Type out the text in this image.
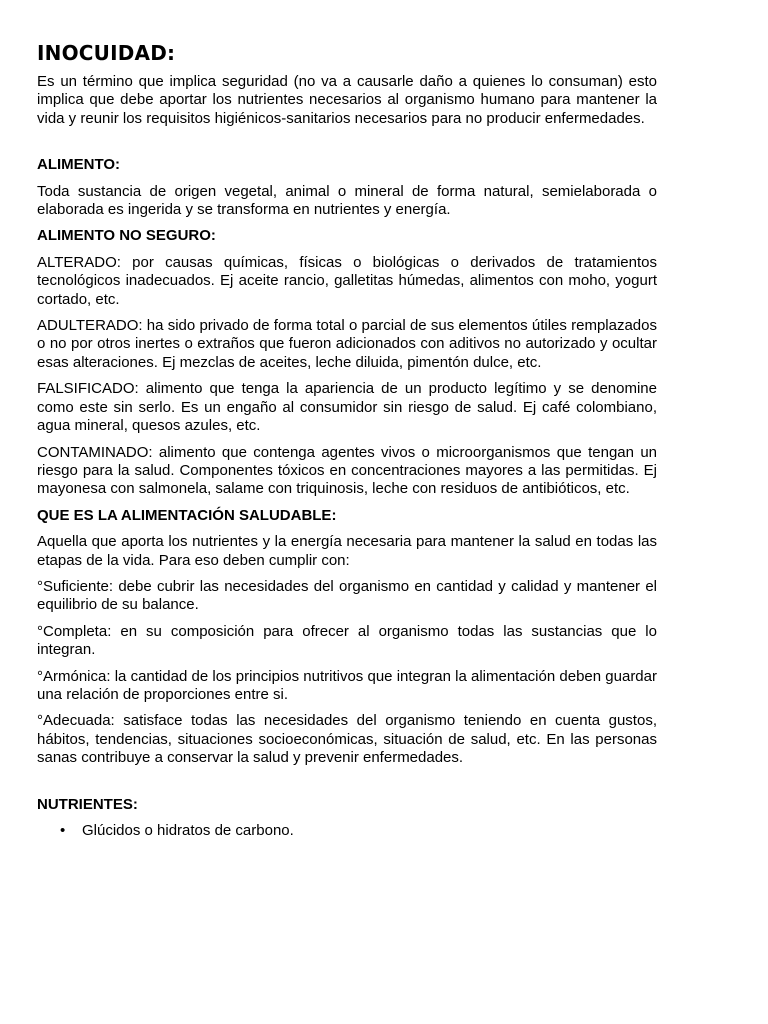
INOCUIDAD:

Es un término que implica seguridad (no va a causarle daño a quienes lo consuman) esto implica que debe aportar los nutrientes necesarios al organismo humano para mantener la vida y reunir los requisitos higiénicos-sanitarios necesarios para no producir enfermedades.

ALIMENTO:

Toda sustancia de origen vegetal, animal o mineral de forma natural, semielaborada o elaborada es ingerida y se transforma en nutrientes y energía.

ALIMENTO NO SEGURO:

ALTERADO: por causas químicas, físicas o biológicas o derivados de tratamientos tecnológicos inadecuados. Ej aceite rancio, galletitas húmedas, alimentos con moho, yogurt cortado, etc.

ADULTERADO: ha sido privado de forma total o parcial de sus elementos útiles remplazados o no por otros inertes o extraños que fueron adicionados con aditivos no autorizado y ocultar esas alteraciones. Ej mezclas de aceites, leche diluida, pimentón dulce, etc.

FALSIFICADO: alimento que tenga la apariencia de un producto legítimo y se denomine como este sin serlo. Es un engaño al consumidor sin riesgo de salud. Ej café colombiano, agua mineral, quesos azules, etc.

CONTAMINADO: alimento que contenga agentes vivos o microorganismos que tengan un riesgo para la salud. Componentes tóxicos en concentraciones mayores a las permitidas. Ej mayonesa con salmonela, salame con triquinosis, leche con residuos de antibióticos, etc.

QUE ES LA ALIMENTACIÓN SALUDABLE:

Aquella que aporta los nutrientes y la energía necesaria para mantener la salud en todas las etapas de la vida. Para eso deben cumplir con:

°Suficiente: debe cubrir las necesidades del organismo en cantidad y calidad y mantener el equilibrio de su balance.

°Completa: en su composición para ofrecer al organismo todas las sustancias que lo integran.

°Armónica: la cantidad de los principios nutritivos que integran la alimentación deben guardar una relación de proporciones entre si.

°Adecuada: satisface todas las necesidades del organismo teniendo en cuenta gustos, hábitos, tendencias, situaciones socioeconómicas, situación de salud, etc. En las personas sanas contribuye a conservar la salud y prevenir enfermedades.

NUTRIENTES:

• Glúcidos o hidratos de carbono.
